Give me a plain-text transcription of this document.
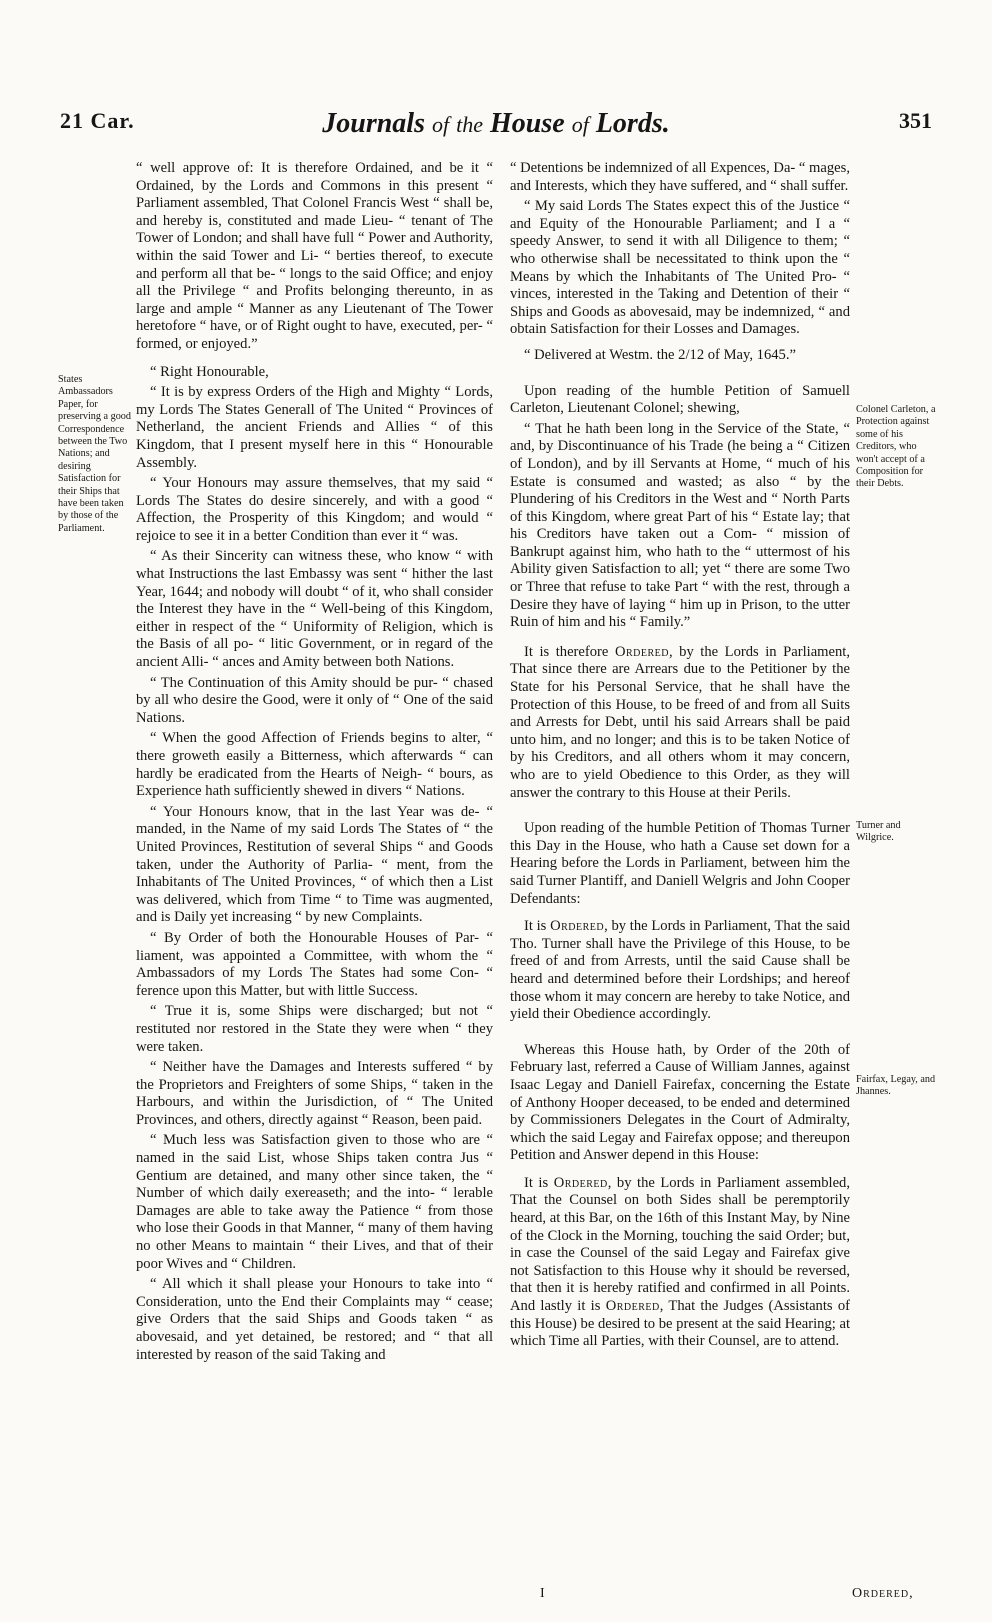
21 Car.	Journals of the House of Lords.	351

“ well approve of: It is therefore Ordained, and be it “ Ordained, by the Lords and Commons in this present “ Parliament assembled, That Colonel Francis West “ shall be, and hereby is, constituted and made Lieu- “ tenant of The Tower of London; and shall have full “ Power and Authority, within the said Tower and Li- “ berties thereof, to execute and perform all that be- “ longs to the said Office; and enjoy all the Privilege “ and Profits belonging thereunto, in as large and ample “ Manner as any Lieutenant of The Tower heretofore “ have, or of Right ought to have, executed, per- “ formed, or enjoyed.”

“ Right Honourable,

“ It is by express Orders of the High and Mighty “ Lords, my Lords The States Generall of The United “ Provinces of Netherland, the ancient Friends and Allies “ of this Kingdom, that I present myself here in this “ Honourable Assembly.

“ Your Honours may assure themselves, that my said “ Lords The States do desire sincerely, and with a good “ Affection, the Prosperity of this Kingdom; and would “ rejoice to see it in a better Condition than ever it “ was.

“ As their Sincerity can witness these, who know “ with what Instructions the last Embassy was sent “ hither the last Year, 1644; and nobody will doubt “ of it, who shall consider the Interest they have in the “ Well-being of this Kingdom, either in respect of the “ Uniformity of Religion, which is the Basis of all po- “ litic Government, or in regard of the ancient Alli- “ ances and Amity between both Nations.

“ The Continuation of this Amity should be pur- “ chased by all who desire the Good, were it only of “ One of the said Nations.

“ When the good Affection of Friends begins to alter, “ there groweth easily a Bitterness, which afterwards “ can hardly be eradicated from the Hearts of Neigh- “ bours, as Experience hath sufficiently shewed in divers “ Nations.

“ Your Honours know, that in the last Year was de- “ manded, in the Name of my said Lords The States of “ the United Provinces, Restitution of several Ships “ and Goods taken, under the Authority of Parlia- “ ment, from the Inhabitants of The United Provinces, “ of which then a List was delivered, which from Time “ to Time was augmented, and is Daily yet increasing “ by new Complaints.

“ By Order of both the Honourable Houses of Par- “ liament, was appointed a Committee, with whom the “ Ambassadors of my Lords The States had some Con- “ ference upon this Matter, but with little Success.

“ True it is, some Ships were discharged; but not “ restituted nor restored in the State they were when “ they were taken.

“ Neither have the Damages and Interests suffered “ by the Proprietors and Freighters of some Ships, “ taken in the Harbours, and within the Jurisdiction, of “ The United Provinces, and others, directly against “ Reason, been paid.

“ Much less was Satisfaction given to those who are “ named in the said List, whose Ships taken contra Jus “ Gentium are detained, and many other since taken, the “ Number of which daily exereaseth; and the into- “ lerable Damages are able to take away the Patience “ from those who lose their Goods in that Manner, “ many of them having no other Means to maintain “ their Lives, and that of their poor Wives and “ Children.

“ All which it shall please your Honours to take into “ Consideration, unto the End their Complaints may “ cease; give Orders that the said Ships and Goods taken “ as abovesaid, and yet detained, be restored; and “ that all interested by reason of the said Taking and

“ Detentions be indemnized of all Expences, Da- “ mages, and Interests, which they have suffered, and “ shall suffer.

“ My said Lords The States expect this of the Justice “ and Equity of the Honourable Parliament; and I a “ speedy Answer, to send it with all Diligence to them; “ who otherwise shall be necessitated to think upon the “ Means by which the Inhabitants of The United Pro- “ vinces, interested in the Taking and Detention of their “ Ships and Goods as abovesaid, may be indemnized, “ and obtain Satisfaction for their Losses and Damages.

“ Delivered at Westm. the 2/12 of May, 1645.”

Upon reading of the humble Petition of Samuell Carleton, Lieutenant Colonel; shewing,

“ That he hath been long in the Service of the State, “ and, by Discontinuance of his Trade (he being a “ Citizen of London), and by ill Servants at Home, “ much of his Estate is consumed and wasted; as also “ by the Plundering of his Creditors in the West and “ North Parts of this Kingdom, where great Part of his “ Estate lay; that his Creditors have taken out a Com- “ mission of Bankrupt against him, who hath to the “ uttermost of his Ability given Satisfaction to all; yet “ there are some Two or Three that refuse to take Part “ with the rest, through a Desire they have of laying “ him up in Prison, to the utter Ruin of him and his “ Family.”

It is therefore Ordered, by the Lords in Parliament, That since there are Arrears due to the Petitioner by the State for his Personal Service, that he shall have the Protection of this House, to be freed of and from all Suits and Arrests for Debt, until his said Arrears shall be paid unto him, and no longer; and this is to be taken Notice of by his Creditors, and all others whom it may concern, who are to yield Obedience to this Order, as they will answer the contrary to this House at their Perils.

Upon reading of the humble Petition of Thomas Turner this Day in the House, who hath a Cause set down for a Hearing before the Lords in Parliament, between him the said Turner Plantiff, and Daniell Welgris and John Cooper Defendants:

It is Ordered, by the Lords in Parliament, That the said Tho. Turner shall have the Privilege of this House, to be freed of and from Arrests, until the said Cause shall be heard and determined before their Lordships; and hereof those whom it may concern are hereby to take Notice, and yield their Obedience accordingly.

Whereas this House hath, by Order of the 20th of February last, referred a Cause of William Jannes, against Isaac Legay and Daniell Fairefax, concerning the Estate of Anthony Hooper deceased, to be ended and determined by Commissioners Delegates in the Court of Admiralty, which the said Legay and Fairefax oppose; and thereupon Petition and Answer depend in this House:

It is Ordered, by the Lords in Parliament assembled, That the Counsel on both Sides shall be peremptorily heard, at this Bar, on the 16th of this Instant May, by Nine of the Clock in the Morning, touching the said Order; but, in case the Counsel of the said Legay and Fairefax give not Satisfaction to this House why it should be reversed, that then it is hereby ratified and confirmed in all Points. And lastly it is Ordered, That the Judges (Assistants of this House) be desired to be present at the said Hearing; at which Time all Parties, with their Counsel, are to attend.

States Ambassadors Paper, for preserving a good Correspondence between the Two Nations; and desiring Satisfaction for their Ships that have been taken by those of the Parliament.
Colonel Carleton, a Protection against some of his Creditors, who won't accept of a Composition for their Debts.
Turner and Wilgrice.
Fairfax, Legay, and Jhannes.
I	Ordered,
